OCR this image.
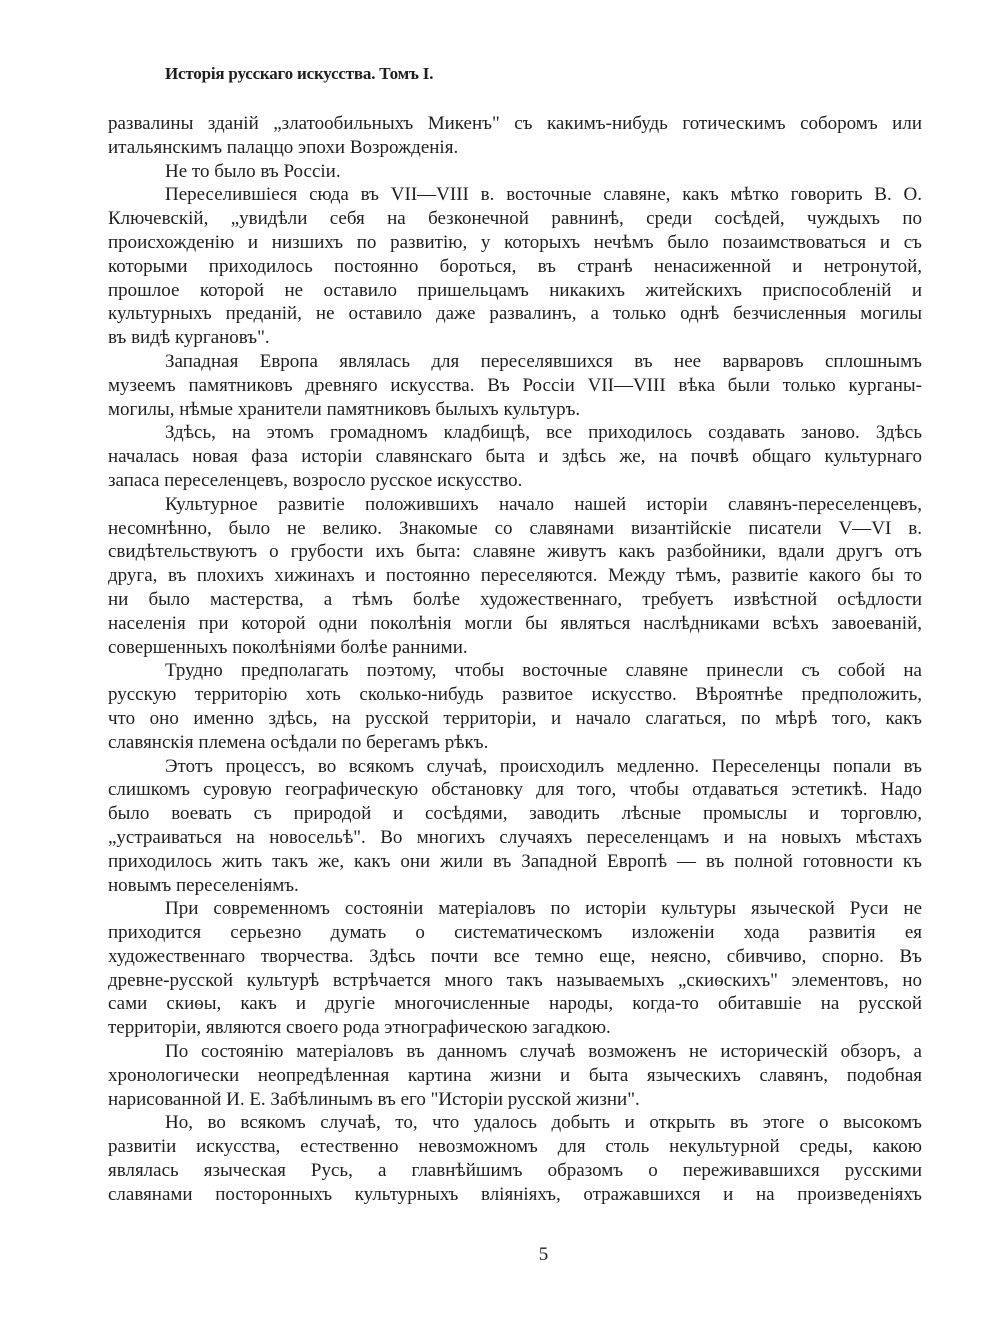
Исторія русскаго искусства. Томъ I.
развалины зданій „златообильныхъ Микенъ" съ какимъ-нибудь готическимъ соборомъ или
итальянскимъ палаццо эпохи Возрожденія.
Не то было въ Россіи.
Переселившіеся сюда въ VII—VIII в. восточные славяне, какъ мѣтко говорить В. О.
Ключевскій, „увидѣли себя на безконечной равнинѣ, среди сосѣдей, чуждыхъ по
происхожденію и низшихъ по развитію, у которыхъ нечѣмъ было позаимствоваться и съ
которыми приходилось постоянно бороться, въ странѣ ненасиженной и нетронутой,
прошлое которой не оставило пришельцамъ никакихъ житейскихъ приспособленій и
культурныхъ преданій, не оставило даже развалинъ, а только однѣ безчисленныя могилы
въ видѣ кургановъ".
Западная Европа являлась для переселявшихся въ нее варваровъ сплошнымъ
музеемъ памятниковъ древняго искусства. Въ Россіи VII—VIII вѣка были только курганы-
могилы, нѣмые хранители памятниковъ былыхъ культуръ.
Здѣсь, на этомъ громадномъ кладбищѣ, все приходилось создавать заново. Здѣсь
началась новая фаза исторіи славянскаго быта и здѣсь же, на почвѣ общаго культурнаго
запаса переселенцевъ, возросло русское искусство.
Культурное развитіе положившихъ начало нашей исторіи славянъ-переселенцевъ,
несомнѣнно, было не велико. Знакомые со славянами византійскіе писатели V—VI в.
свидѣтельствуютъ о грубости ихъ быта: славяне живутъ какъ разбойники, вдали другъ отъ
друга, въ плохихъ хижинахъ и постоянно переселяются. Между тѣмъ, развитіе какого бы то
ни было мастерства, а тѣмъ болѣе художественнаго, требуетъ извѣстной осѣдлости
населенія при которой одни поколѣнія могли бы являться наслѣдниками всѣхъ завоеваній,
совершенныхъ поколѣніями болѣе ранними.
Трудно предполагать поэтому, чтобы восточные славяне принесли съ собой на
русскую территорію хоть сколько-нибудь развитое искусство. Вѣроятнѣе предположить,
что оно именно здѣсь, на русской территоріи, и начало слагаться, по мѣрѣ того, какъ
славянскія племена осѣдали по берегамъ рѣкъ.
Этотъ процессъ, во всякомъ случаѣ, происходилъ медленно. Переселенцы попали въ
слишкомъ суровую географическую обстановку для того, чтобы отдаваться эстетикѣ. Надо
было воевать съ природой и сосѣдями, заводить лѣсные промыслы и торговлю,
„устраиваться на новосельѣ". Во многихъ случаяхъ переселенцамъ и на новыхъ мѣстахъ
приходилось жить такъ же, какъ они жили въ Западной Европѣ — въ полной готовности къ
новымъ переселеніямъ.
При современномъ состояніи матеріаловъ по исторіи культуры языческой Руси не
приходится серьезно думать о систематическомъ изложеніи хода развитія ея
художественнаго творчества. Здѣсь почти все темно еще, неясно, сбивчиво, спорно. Въ
древне-русской культурѣ встрѣчается много такъ называемыхъ „скиѳскихъ" элементовъ, но
сами скиѳы, какъ и другіе многочисленные народы, когда-то обитавшіе на русской
территоріи, являются своего рода этнографическою загадкою.
По состоянію матеріаловъ въ данномъ случаѣ возможенъ не историческій обзоръ, а
хронологически неопредѣленная картина жизни и быта языческихъ славянъ, подобная
нарисованной И. Е. Забѣлинымъ въ его "Исторіи русской жизни".
Но, во всякомъ случаѣ, то, что удалось добыть и открыть въ этоге о высокомъ
развитіи искусства, естественно невозможномъ для столь некультурной среды, какою
являлась языческая Русь, а главнѣйшимъ образомъ о переживавшихся русскими
славянами посторонныхъ культурныхъ вліяніяхъ, отражавшихся и на произведеніяхъ
5
